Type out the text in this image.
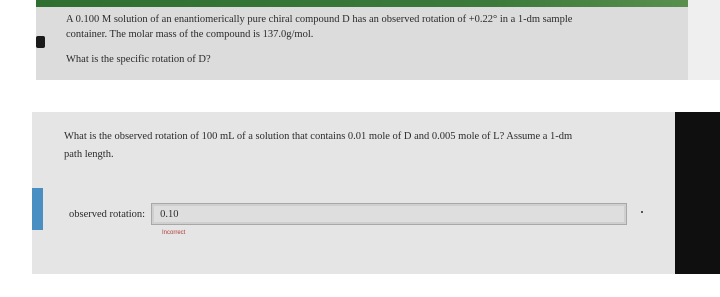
A 0.100 M solution of an enantiomerically pure chiral compound D has an observed rotation of +0.22° in a 1-dm sample

container. The molar mass of the compound is 137.0g/mol.

What is the specific rotation of D?

What is the observed rotation of 100 mL of a solution that contains 0.01 mole of D and 0.005 mole of L? Assume a 1-dm

path length.

observed rotation:
0.10
Incorrect
